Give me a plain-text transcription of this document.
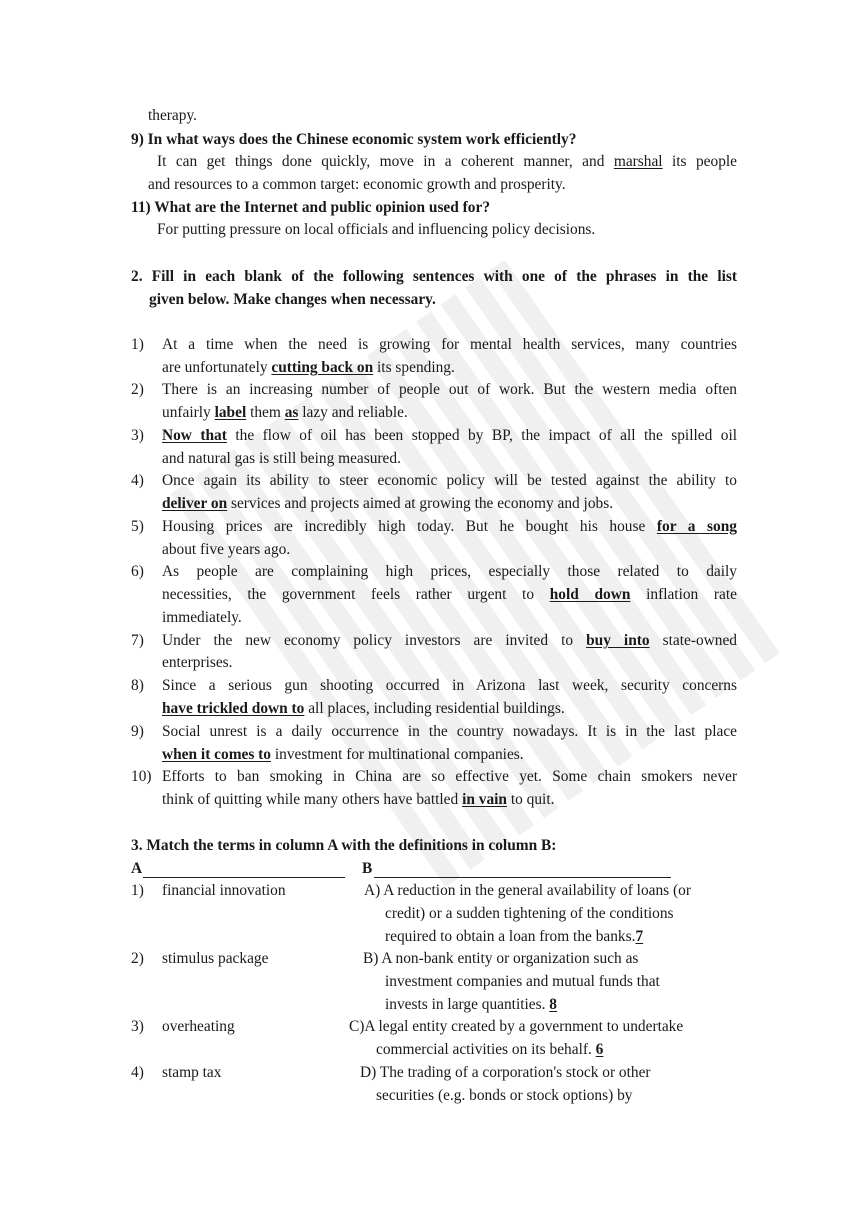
therapy.
9) In what ways does the Chinese economic system work efficiently?
It can get things done quickly, move in a coherent manner, and marshal its people
and resources to a common target: economic growth and prosperity.
11) What are the Internet and public opinion used for?
For putting pressure on local officials and influencing policy decisions.
2. Fill in each blank of the following sentences with one of the phrases in the list
given below. Make changes when necessary.
1) At a time when the need is growing for mental health services, many countries
are unfortunately cutting back on its spending.
2) There is an increasing number of people out of work. But the western media often
unfairly label them as lazy and reliable.
3) Now that the flow of oil has been stopped by BP, the impact of all the spilled oil
and natural gas is still being measured.
4) Once again its ability to steer economic policy will be tested against the ability to
deliver on services and projects aimed at growing the economy and jobs.
5) Housing prices are incredibly high today. But he bought his house for a song
about five years ago.
6) As people are complaining high prices, especially those related to daily
necessities, the government feels rather urgent to hold down inflation rate
immediately.
7) Under the new economy policy investors are invited to buy into state-owned
enterprises.
8) Since a serious gun shooting occurred in Arizona last week, security concerns
have trickled down to all places, including residential buildings.
9) Social unrest is a daily occurrence in the country nowadays. It is in the last place
when it comes to investment for multinational companies.
10) Efforts to ban smoking in China are so effective yet. Some chain smokers never
think of quitting while many others have battled in vain to quit.
3. Match the terms in column A with the definitions in column B:
A	B
1) financial innovation	A) A reduction in the general availability of loans (or
credit) or a sudden tightening of the conditions
required to obtain a loan from the banks.7
2) stimulus package	B) A non-bank entity or organization such as
investment companies and mutual funds that
invests in large quantities. 8
3) overheating	C)A legal entity created by a government to undertake
commercial activities on its behalf. 6
4) stamp tax	D) The trading of a corporation's stock or other
securities (e.g. bonds or stock options) by
